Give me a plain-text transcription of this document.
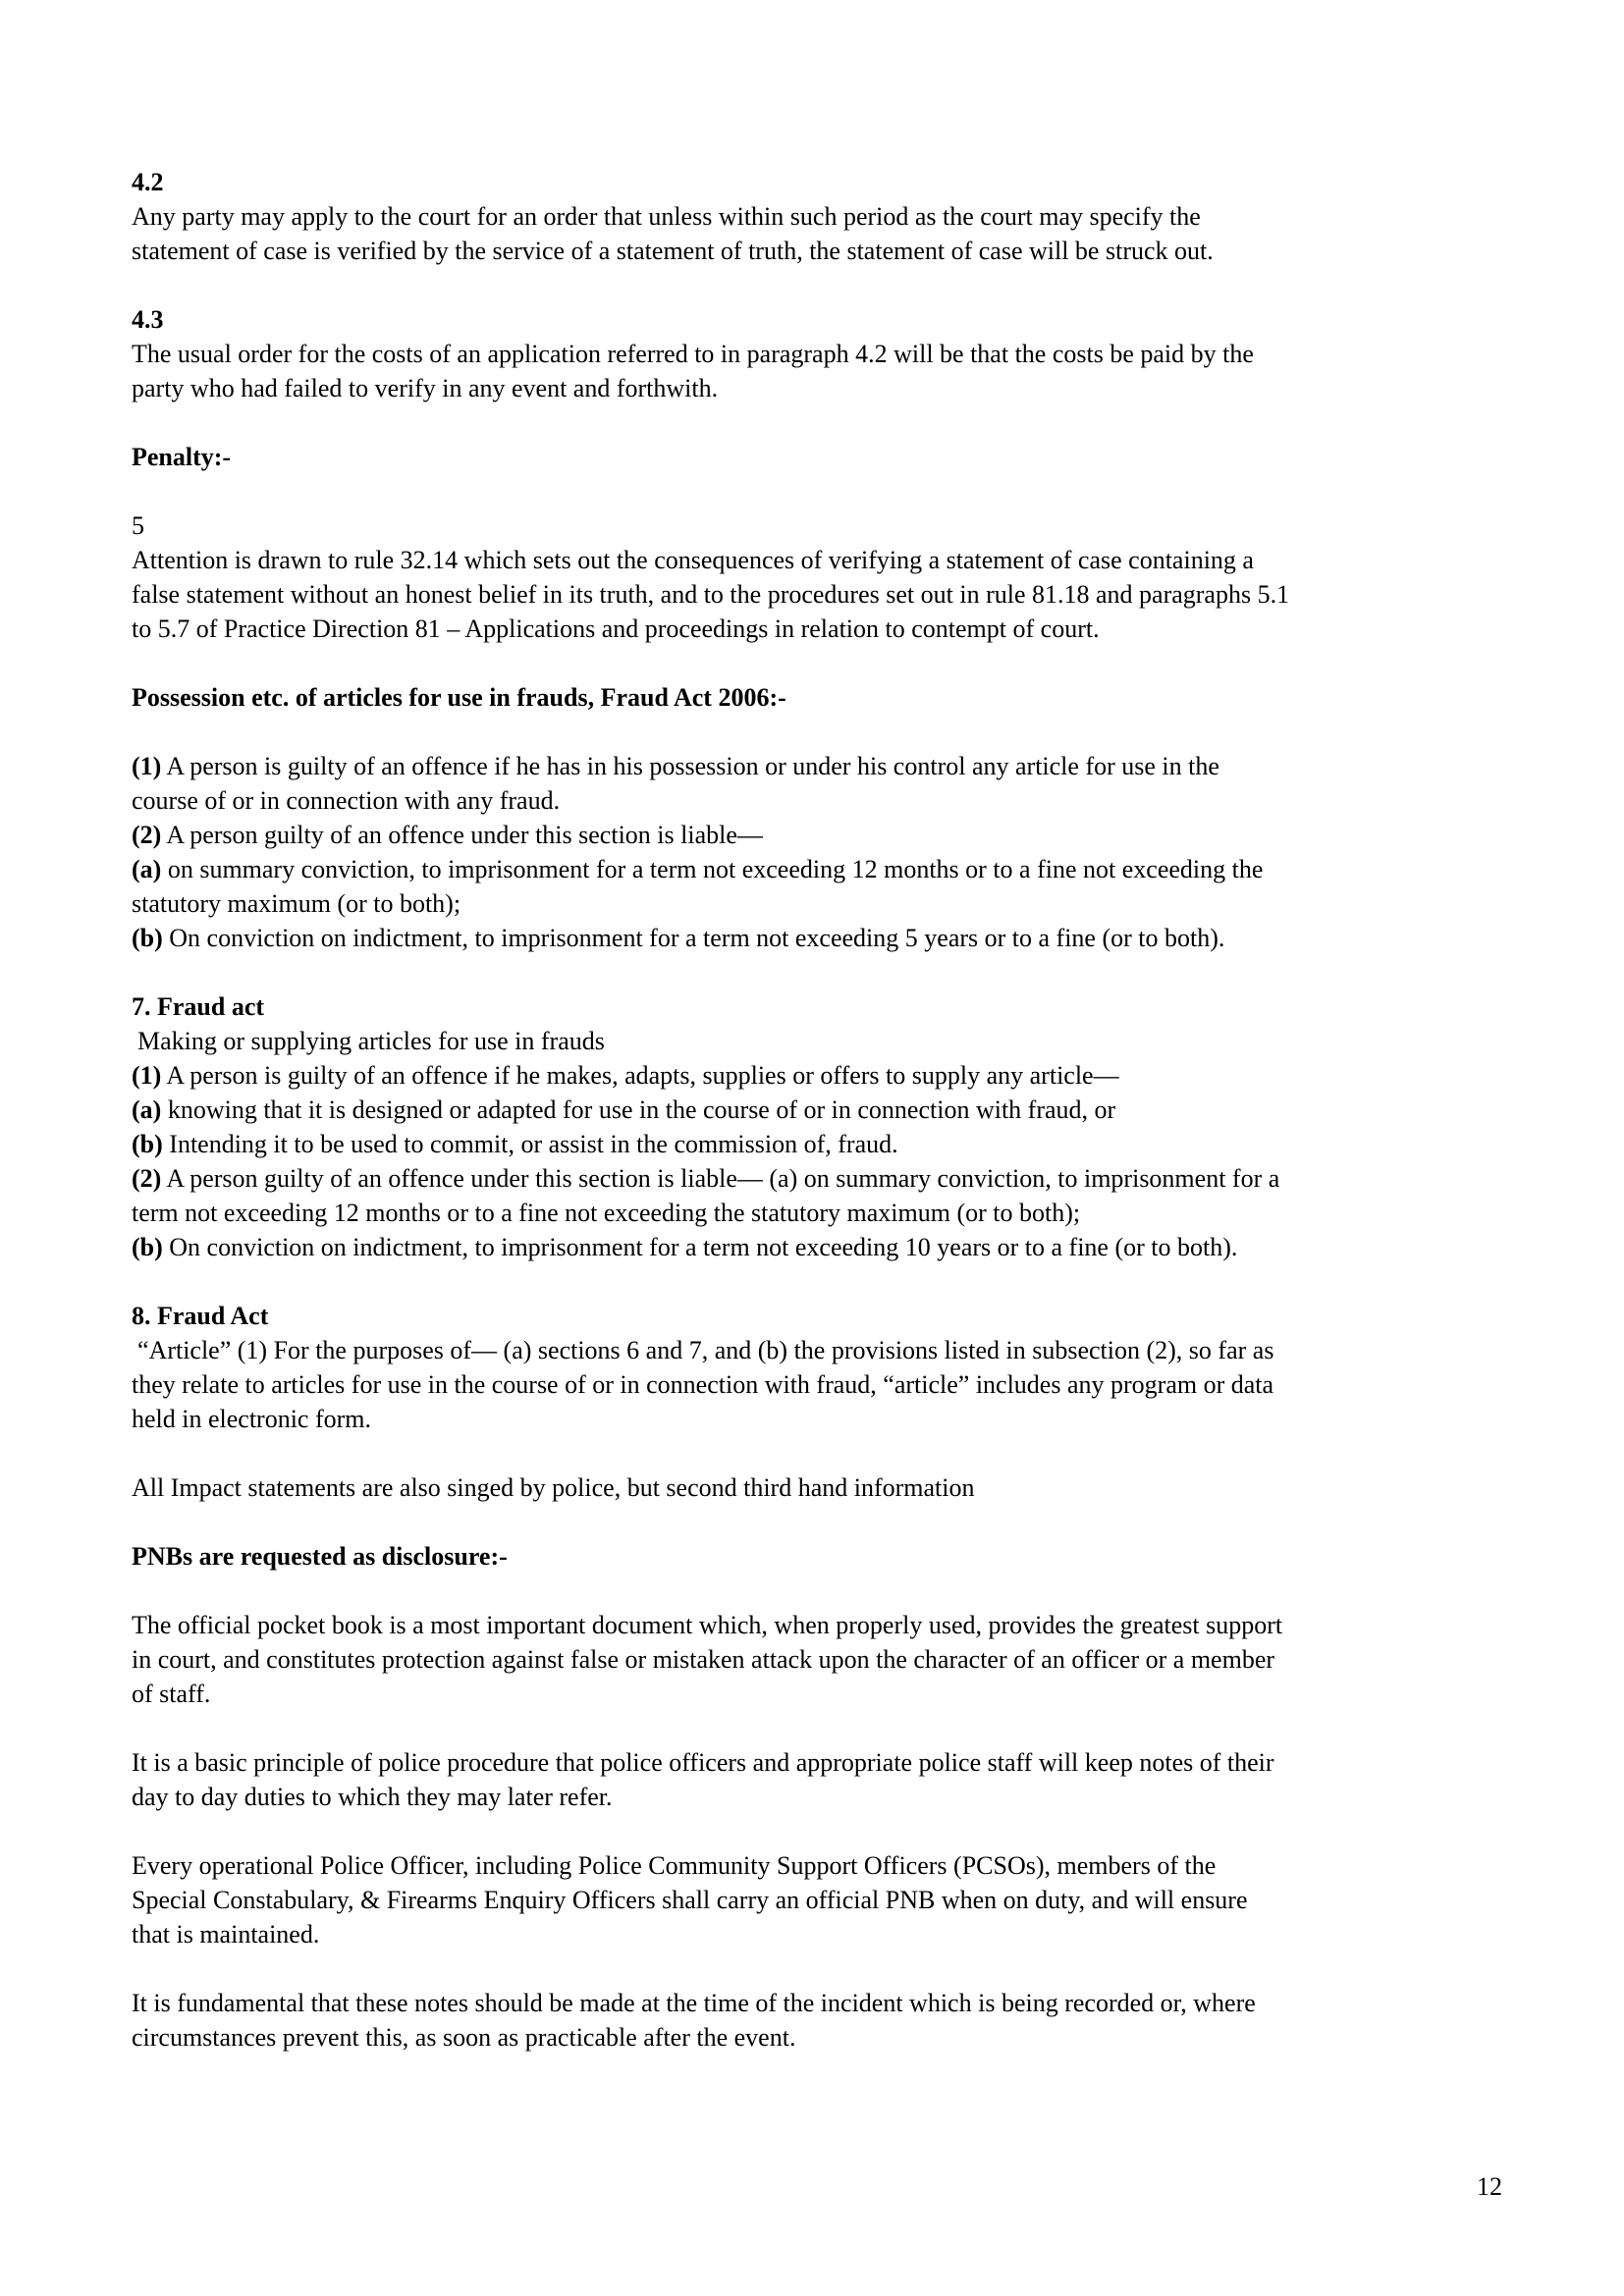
4.2
Any party may apply to the court for an order that unless within such period as the court may specify the
statement of case is verified by the service of a statement of truth, the statement of case will be struck out.
4.3
The usual order for the costs of an application referred to in paragraph 4.2 will be that the costs be paid by the
party who had failed to verify in any event and forthwith.
Penalty:-
5
Attention is drawn to rule 32.14 which sets out the consequences of verifying a statement of case containing a
false statement without an honest belief in its truth, and to the procedures set out in rule 81.18 and paragraphs 5.1
to 5.7 of Practice Direction 81 – Applications and proceedings in relation to contempt of court.
Possession etc. of articles for use in frauds, Fraud Act 2006:-
(1) A person is guilty of an offence if he has in his possession or under his control any article for use in the
course of or in connection with any fraud.
(2) A person guilty of an offence under this section is liable—
(a) on summary conviction, to imprisonment for a term not exceeding 12 months or to a fine not exceeding the
statutory maximum (or to both);
(b) On conviction on indictment, to imprisonment for a term not exceeding 5 years or to a fine (or to both).
7. Fraud act
Making or supplying articles for use in frauds
(1) A person is guilty of an offence if he makes, adapts, supplies or offers to supply any article—
(a) knowing that it is designed or adapted for use in the course of or in connection with fraud, or
(b) Intending it to be used to commit, or assist in the commission of, fraud.
(2) A person guilty of an offence under this section is liable— (a) on summary conviction, to imprisonment for a
term not exceeding 12 months or to a fine not exceeding the statutory maximum (or to both);
(b) On conviction on indictment, to imprisonment for a term not exceeding 10 years or to a fine (or to both).
8. Fraud Act
“Article” (1) For the purposes of— (a) sections 6 and 7, and (b) the provisions listed in subsection (2), so far as
they relate to articles for use in the course of or in connection with fraud, “article” includes any program or data
held in electronic form.
All Impact statements are also singed by police, but second third hand information
PNBs are requested as disclosure:-
The official pocket book is a most important document which, when properly used, provides the greatest support
in court, and constitutes protection against false or mistaken attack upon the character of an officer or a member
of staff.
It is a basic principle of police procedure that police officers and appropriate police staff will keep notes of their
day to day duties to which they may later refer.
Every operational Police Officer, including Police Community Support Officers (PCSOs), members of the
Special Constabulary, & Firearms Enquiry Officers shall carry an official PNB when on duty, and will ensure
that is maintained.
It is fundamental that these notes should be made at the time of the incident which is being recorded or, where
circumstances prevent this, as soon as practicable after the event.
12
